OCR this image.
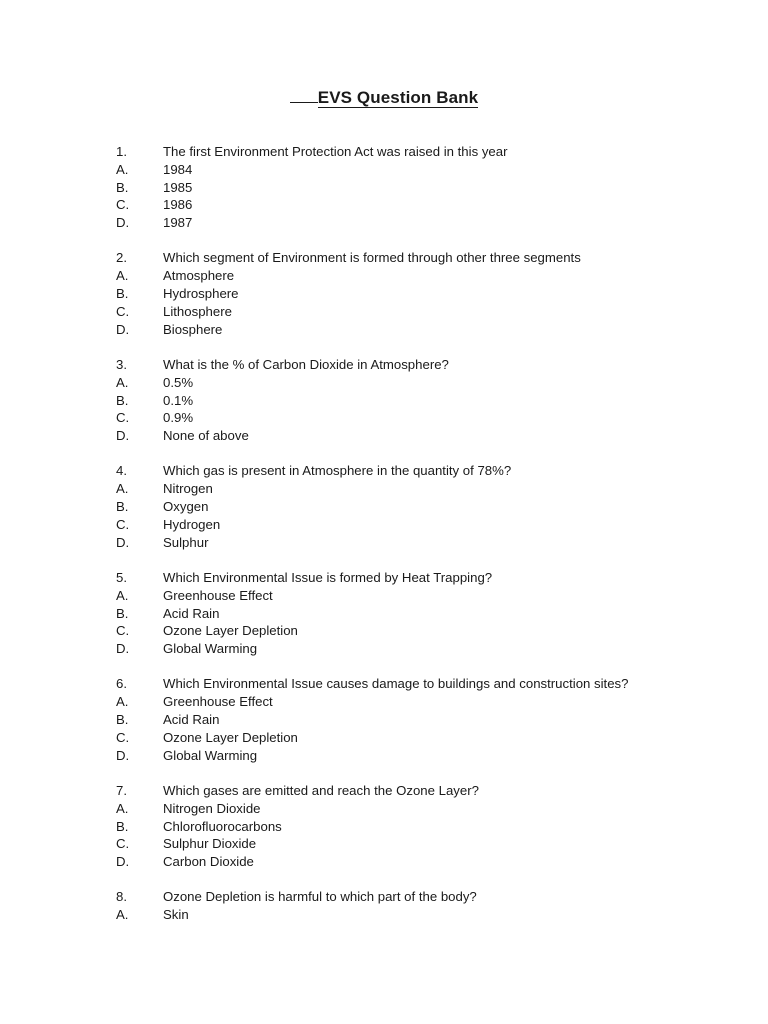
EVS Question Bank
1.	The first Environment Protection Act was raised in this year
A.	1984
B.	1985
C.	1986
D.	1987
2.	Which segment of Environment is formed through other three segments
A.	Atmosphere
B.	Hydrosphere
C.	Lithosphere
D.	Biosphere
3.	What is the % of Carbon Dioxide in Atmosphere?
A.	0.5%
B.	0.1%
C.	0.9%
D.	None of above
4.	Which gas is present in Atmosphere in the quantity of 78%?
A.	Nitrogen
B.	Oxygen
C.	Hydrogen
D.	Sulphur
5.	Which Environmental Issue is formed by Heat Trapping?
A.	Greenhouse Effect
B.	Acid Rain
C.	Ozone Layer Depletion
D.	Global Warming
6.	Which Environmental Issue causes damage to buildings and construction sites?
A.	Greenhouse Effect
B.	Acid Rain
C.	Ozone Layer Depletion
D.	Global Warming
7.	Which gases are emitted and reach the Ozone Layer?
A.	Nitrogen Dioxide
B.	Chlorofluorocarbons
C.	Sulphur Dioxide
D.	Carbon Dioxide
8.	Ozone Depletion is harmful to which part of the body?
A.	Skin
